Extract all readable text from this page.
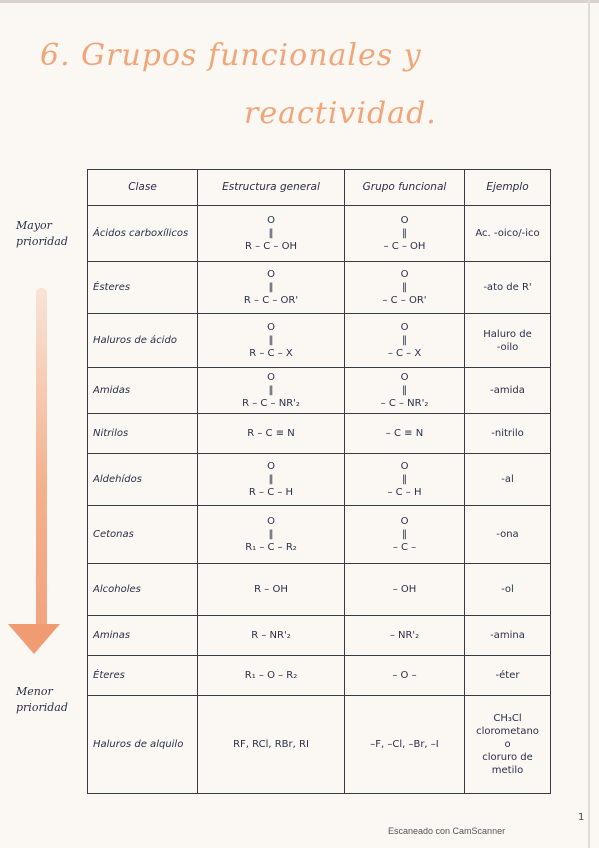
6. Grupos funcionales y
reactividad.
Mayor
prioridad
Menor
prioridad
Clase	Estructura general	Grupo funcional	Ejemplo
Ácidos carboxílicos	O
‖
R – C – OH	O
‖
– C – OH	Ac. -oico/-ico
Ésteres	O
‖
R – C – OR'	O
‖
– C – OR'	-ato de R'
Haluros de ácido	O
‖
R – C – X	O
‖
– C – X	Haluro de
-oilo
Amidas	O
‖
R – C – NR'₂	O
‖
– C – NR'₂	-amida
Nitrilos	R – C ≡ N	– C ≡ N	-nitrilo
Aldehídos	O
‖
R – C – H	O
‖
– C – H	-al
Cetonas	O
‖
R₁ – C – R₂	O
‖
– C –	-ona
Alcoholes	R – OH	– OH	-ol
Aminas	R – NR'₂	– NR'₂	-amina
Éteres	R₁ – O – R₂	– O –	-éter
Haluros de alquilo	RF, RCl, RBr, RI	–F, –Cl, –Br, –I	CH₃Cl
clorometano
o
cloruro de
metilo
Escaneado con CamScanner
1
